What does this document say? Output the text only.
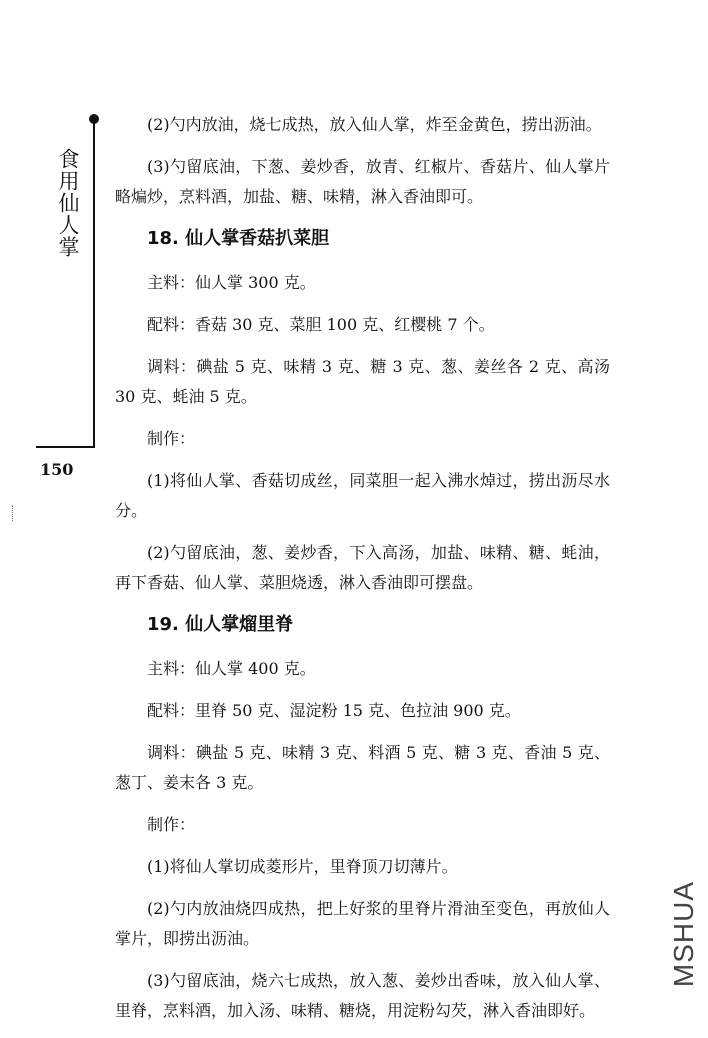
食用仙人掌
150

(2)勺内放油，烧七成热，放入仙人掌，炸至金黄色，捞出沥油。

(3)勺留底油，下葱、姜炒香，放青、红椒片、香菇片、仙人掌片略煸炒，烹料酒，加盐、糖、味精，淋入香油即可。

18. 仙人掌香菇扒菜胆

主料：仙人掌 300 克。

配料：香菇 30 克、菜胆 100 克、红樱桃 7 个。

调料：碘盐 5 克、味精 3 克、糖 3 克、葱、姜丝各 2 克、高汤 30 克、蚝油 5 克。

制作：

(1)将仙人掌、香菇切成丝，同菜胆一起入沸水焯过，捞出沥尽水分。

(2)勺留底油，葱、姜炒香，下入高汤，加盐、味精、糖、蚝油，再下香菇、仙人掌、菜胆烧透，淋入香油即可摆盘。

19. 仙人掌熘里脊

主料：仙人掌 400 克。

配料：里脊 50 克、湿淀粉 15 克、色拉油 900 克。

调料：碘盐 5 克、味精 3 克、料酒 5 克、糖 3 克、香油 5 克、葱丁、姜末各 3 克。

制作：

(1)将仙人掌切成菱形片，里脊顶刀切薄片。

(2)勺内放油烧四成热，把上好浆的里脊片滑油至变色，再放仙人掌片，即捞出沥油。

(3)勺留底油，烧六七成热，放入葱、姜炒出香味，放入仙人掌、里脊，烹料酒，加入汤、味精、糖烧，用淀粉勾芡，淋入香油即好。

MSHUA
